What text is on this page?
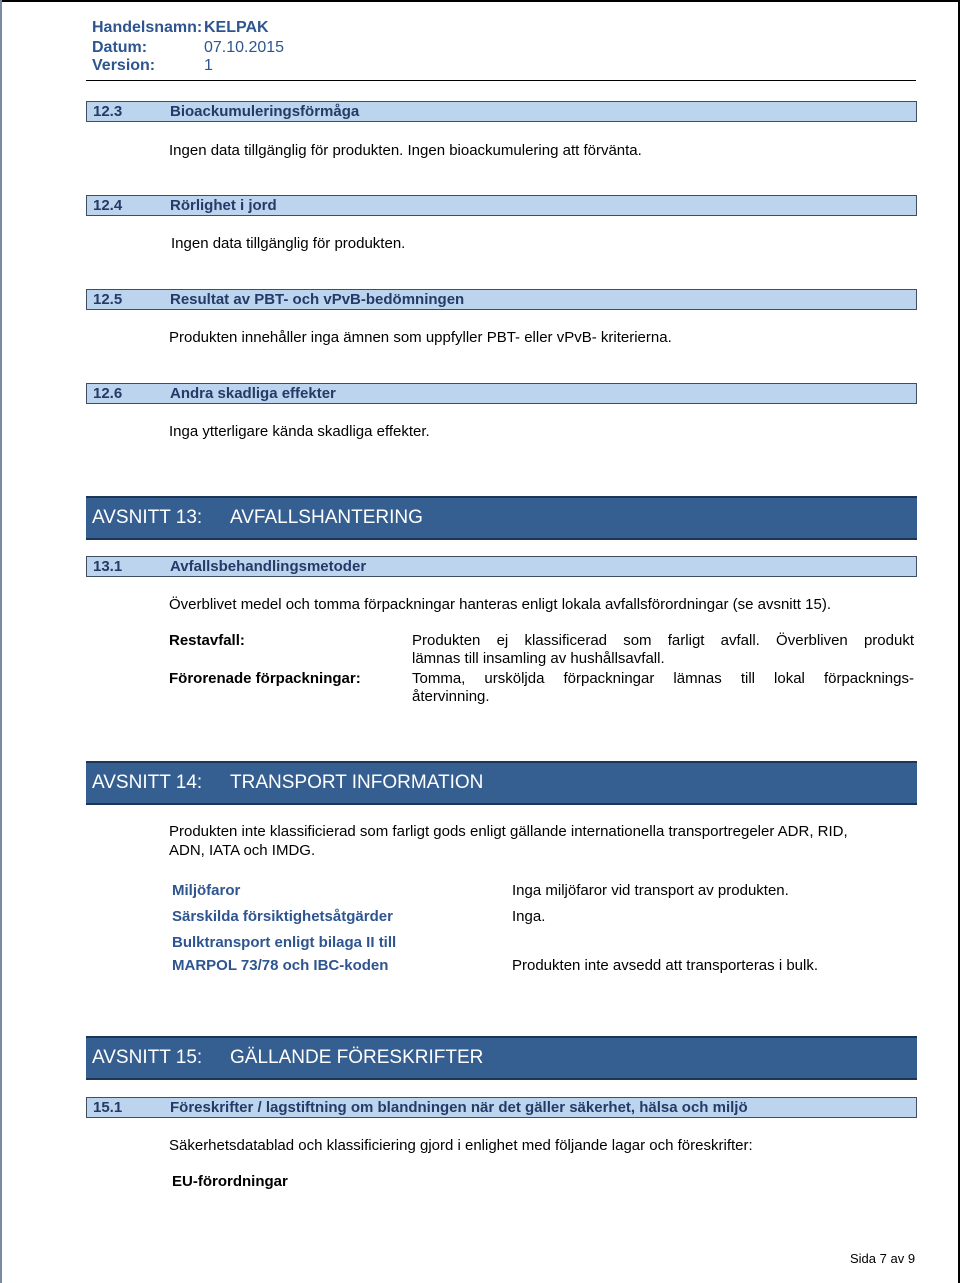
Handelsnamn: KELPAK
Datum:	07.10.2015
Version:	1
12.3	Bioackumuleringsförmåga
Ingen data tillgänglig för produkten. Ingen bioackumulering att förvänta.
12.4	Rörlighet i jord
Ingen data tillgänglig för produkten.
12.5	Resultat av PBT- och vPvB-bedömningen
Produkten innehåller inga ämnen som uppfyller PBT- eller vPvB- kriterierna.
12.6	Andra skadliga effekter
Inga ytterligare kända skadliga effekter.
AVSNITT 13: AVFALLSHANTERING
13.1	Avfallsbehandlingsmetoder
Överblivet medel och tomma förpackningar hanteras enligt lokala avfallsförordningar (se avsnitt 15).
Restavfall:	Produkten ej klassificerad som farligt avfall. Överbliven produkt
lämnas till insamling av hushållsavfall.
Förorenade förpackningar:	Tomma, ursköljda förpackningar lämnas till lokal förpacknings-
återvinning.
AVSNITT 14: TRANSPORT INFORMATION
Produkten inte klassificierad som farligt gods enligt gällande internationella transportregeler ADR, RID,
ADN, IATA och IMDG.
Miljöfaror	Inga miljöfaror vid transport av produkten.
Särskilda försiktighetsåtgärder	Inga.
Bulktransport enligt bilaga II till
MARPOL 73/78 och IBC-koden	Produkten inte avsedd att transporteras i bulk.
AVSNITT 15: GÄLLANDE FÖRESKRIFTER
15.1	Föreskrifter / lagstiftning om blandningen när det gäller säkerhet, hälsa och miljö
Säkerhetsdatablad och klassificiering gjord i enlighet med följande lagar och föreskrifter:
EU-förordningar
Sida 7 av 9
